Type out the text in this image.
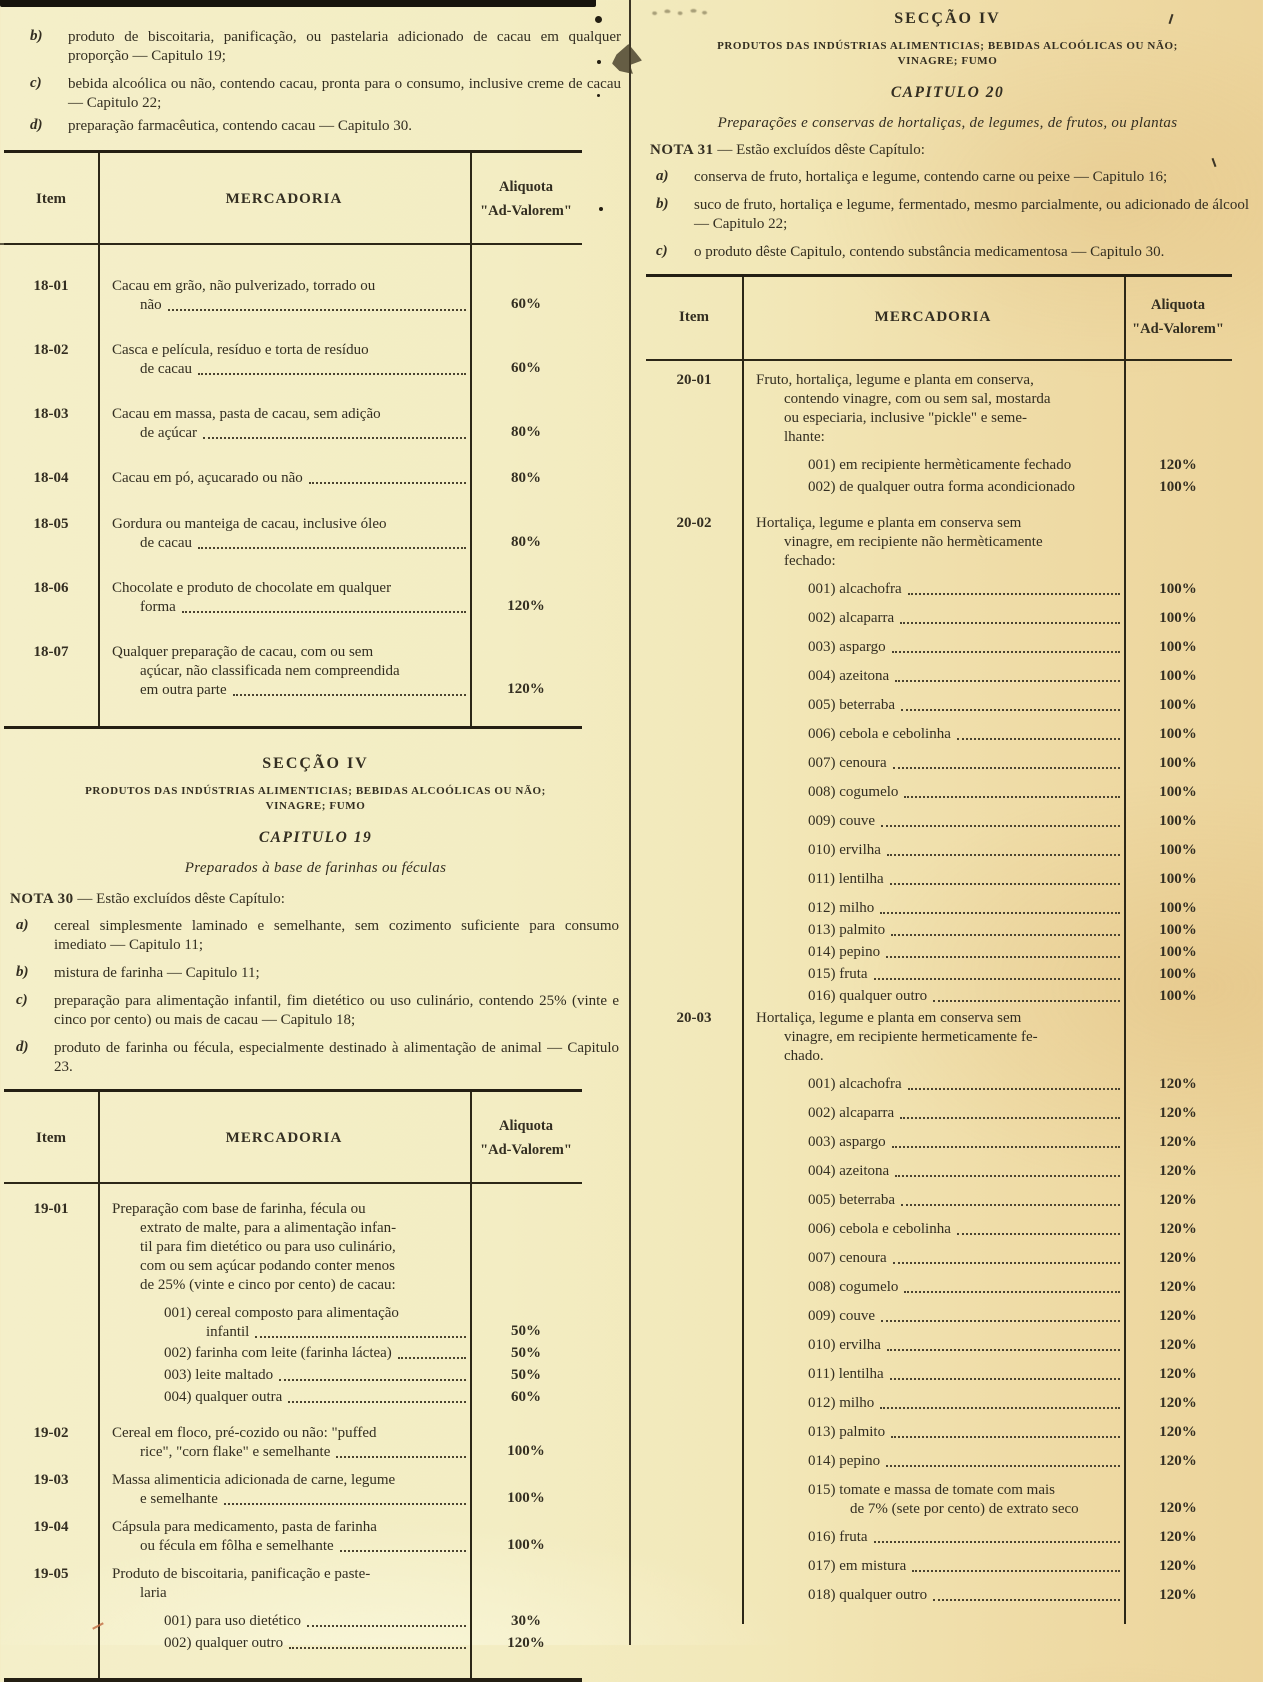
b)	produto de biscoitaria, panificação, ou pastelaria adicionado de cacau em qualquer proporção — Capitulo 19;
c)	bebida alcoólica ou não, contendo cacau, pronta para o consumo, inclusive creme de cacau — Capitulo 22;
d)	preparação farmacêutica, contendo cacau — Capitulo 30.
Item	MERCADORIA
Aliquota
"Ad-Valorem"
18-01	Cacau em grão, não pulverizado, torrado ou
não	60%
18-02	Casca e película, resíduo e torta de resíduo
de cacau	60%
18-03	Cacau em massa, pasta de cacau, sem adição
de açúcar	80%
18-04	Cacau em pó, açucarado ou não	80%
18-05	Gordura ou manteiga de cacau, inclusive óleo
de cacau	80%
18-06	Chocolate e produto de chocolate em qualquer
forma	120%
18-07	Qualquer preparação de cacau, com ou sem
açúcar, não classificada nem compreendida
em outra parte	120%
SECÇÃO IV
PRODUTOS DAS INDÚSTRIAS ALIMENTICIAS; BEBIDAS ALCOÓLICAS OU NÃO;
VINAGRE; FUMO
CAPITULO 19
Preparados à base de farinhas ou féculas
NOTA 30 — Estão excluídos dêste Capítulo:
a)	cereal simplesmente laminado e semelhante, sem cozimento suficiente para consumo imediato — Capitulo 11;
b)	mistura de farinha — Capitulo 11;
c)	preparação para alimentação infantil, fim dietético ou uso culinário, contendo 25% (vinte e cinco por cento) ou mais de cacau — Capitulo 18;
d)	produto de farinha ou fécula, especialmente destinado à alimentação de animal — Capitulo 23.
Item	MERCADORIA
Aliquota
"Ad-Valorem"
19-01	Preparação com base de farinha, fécula ou
extrato de malte, para a alimentação infan-
til para fim dietético ou para uso culinário,
com ou sem açúcar podando conter menos
de 25% (vinte e cinco por cento) de cacau:
001) cereal composto para alimentação
infantil	50%
002) farinha com leite (farinha láctea)	50%
003) leite maltado	50%
004) qualquer outra	60%
19-02	Cereal em floco, pré-cozido ou não: "puffed
rice", "corn flake" e semelhante	100%
19-03	Massa alimenticia adicionada de carne, legume
e semelhante	100%
19-04	Cápsula para medicamento, pasta de farinha
ou fécula em fôlha e semelhante	100%
19-05	Produto de biscoitaria, panificação e paste-
laria
001) para uso dietético	30%
002) qualquer outro	120%
SECÇÃO IV
PRODUTOS DAS INDÚSTRIAS ALIMENTICIAS; BEBIDAS ALCOÓLICAS OU NÃO;
VINAGRE; FUMO
CAPITULO 20
Preparações e conservas de hortaliças, de legumes, de frutos, ou plantas
NOTA 31 — Estão excluídos dêste Capítulo:
a)	conserva de fruto, hortaliça e legume, contendo carne ou peixe — Capitulo 16;
b)	suco de fruto, hortaliça e legume, fermentado, mesmo parcialmente, ou adicionado de álcool — Capitulo 22;
c)	o produto dêste Capitulo, contendo substância medicamentosa — Capitulo 30.
Item	MERCADORIA
Aliquota
"Ad-Valorem"
20-01	Fruto, hortaliça, legume e planta em conserva,
contendo vinagre, com ou sem sal, mostarda
ou especiaria, inclusive "pickle" e seme-
lhante:
001) em recipiente hermèticamente fechado	120%
002) de qualquer outra forma acondicionado	100%
20-02	Hortaliça, legume e planta em conserva sem
vinagre, em recipiente não hermèticamente
fechado:
001) alcachofra	100%
002) alcaparra	100%
003) aspargo	100%
004) azeitona	100%
005) beterraba	100%
006) cebola e cebolinha	100%
007) cenoura	100%
008) cogumelo	100%
009) couve	100%
010) ervilha	100%
011) lentilha	100%
012) milho	100%
013) palmito	100%
014) pepino	100%
015) fruta	100%
016) qualquer outro	100%
20-03	Hortaliça, legume e planta em conserva sem
vinagre, em recipiente hermeticamente fe-
chado.
001) alcachofra	120%
002) alcaparra	120%
003) aspargo	120%
004) azeitona	120%
005) beterraba	120%
006) cebola e cebolinha	120%
007) cenoura	120%
008) cogumelo	120%
009) couve	120%
010) ervilha	120%
011) lentilha	120%
012) milho	120%
013) palmito	120%
014) pepino	120%
015) tomate e massa de tomate com mais
de 7% (sete por cento) de extrato seco	120%
016) fruta	120%
017) em mistura	120%
018) qualquer outro	120%
